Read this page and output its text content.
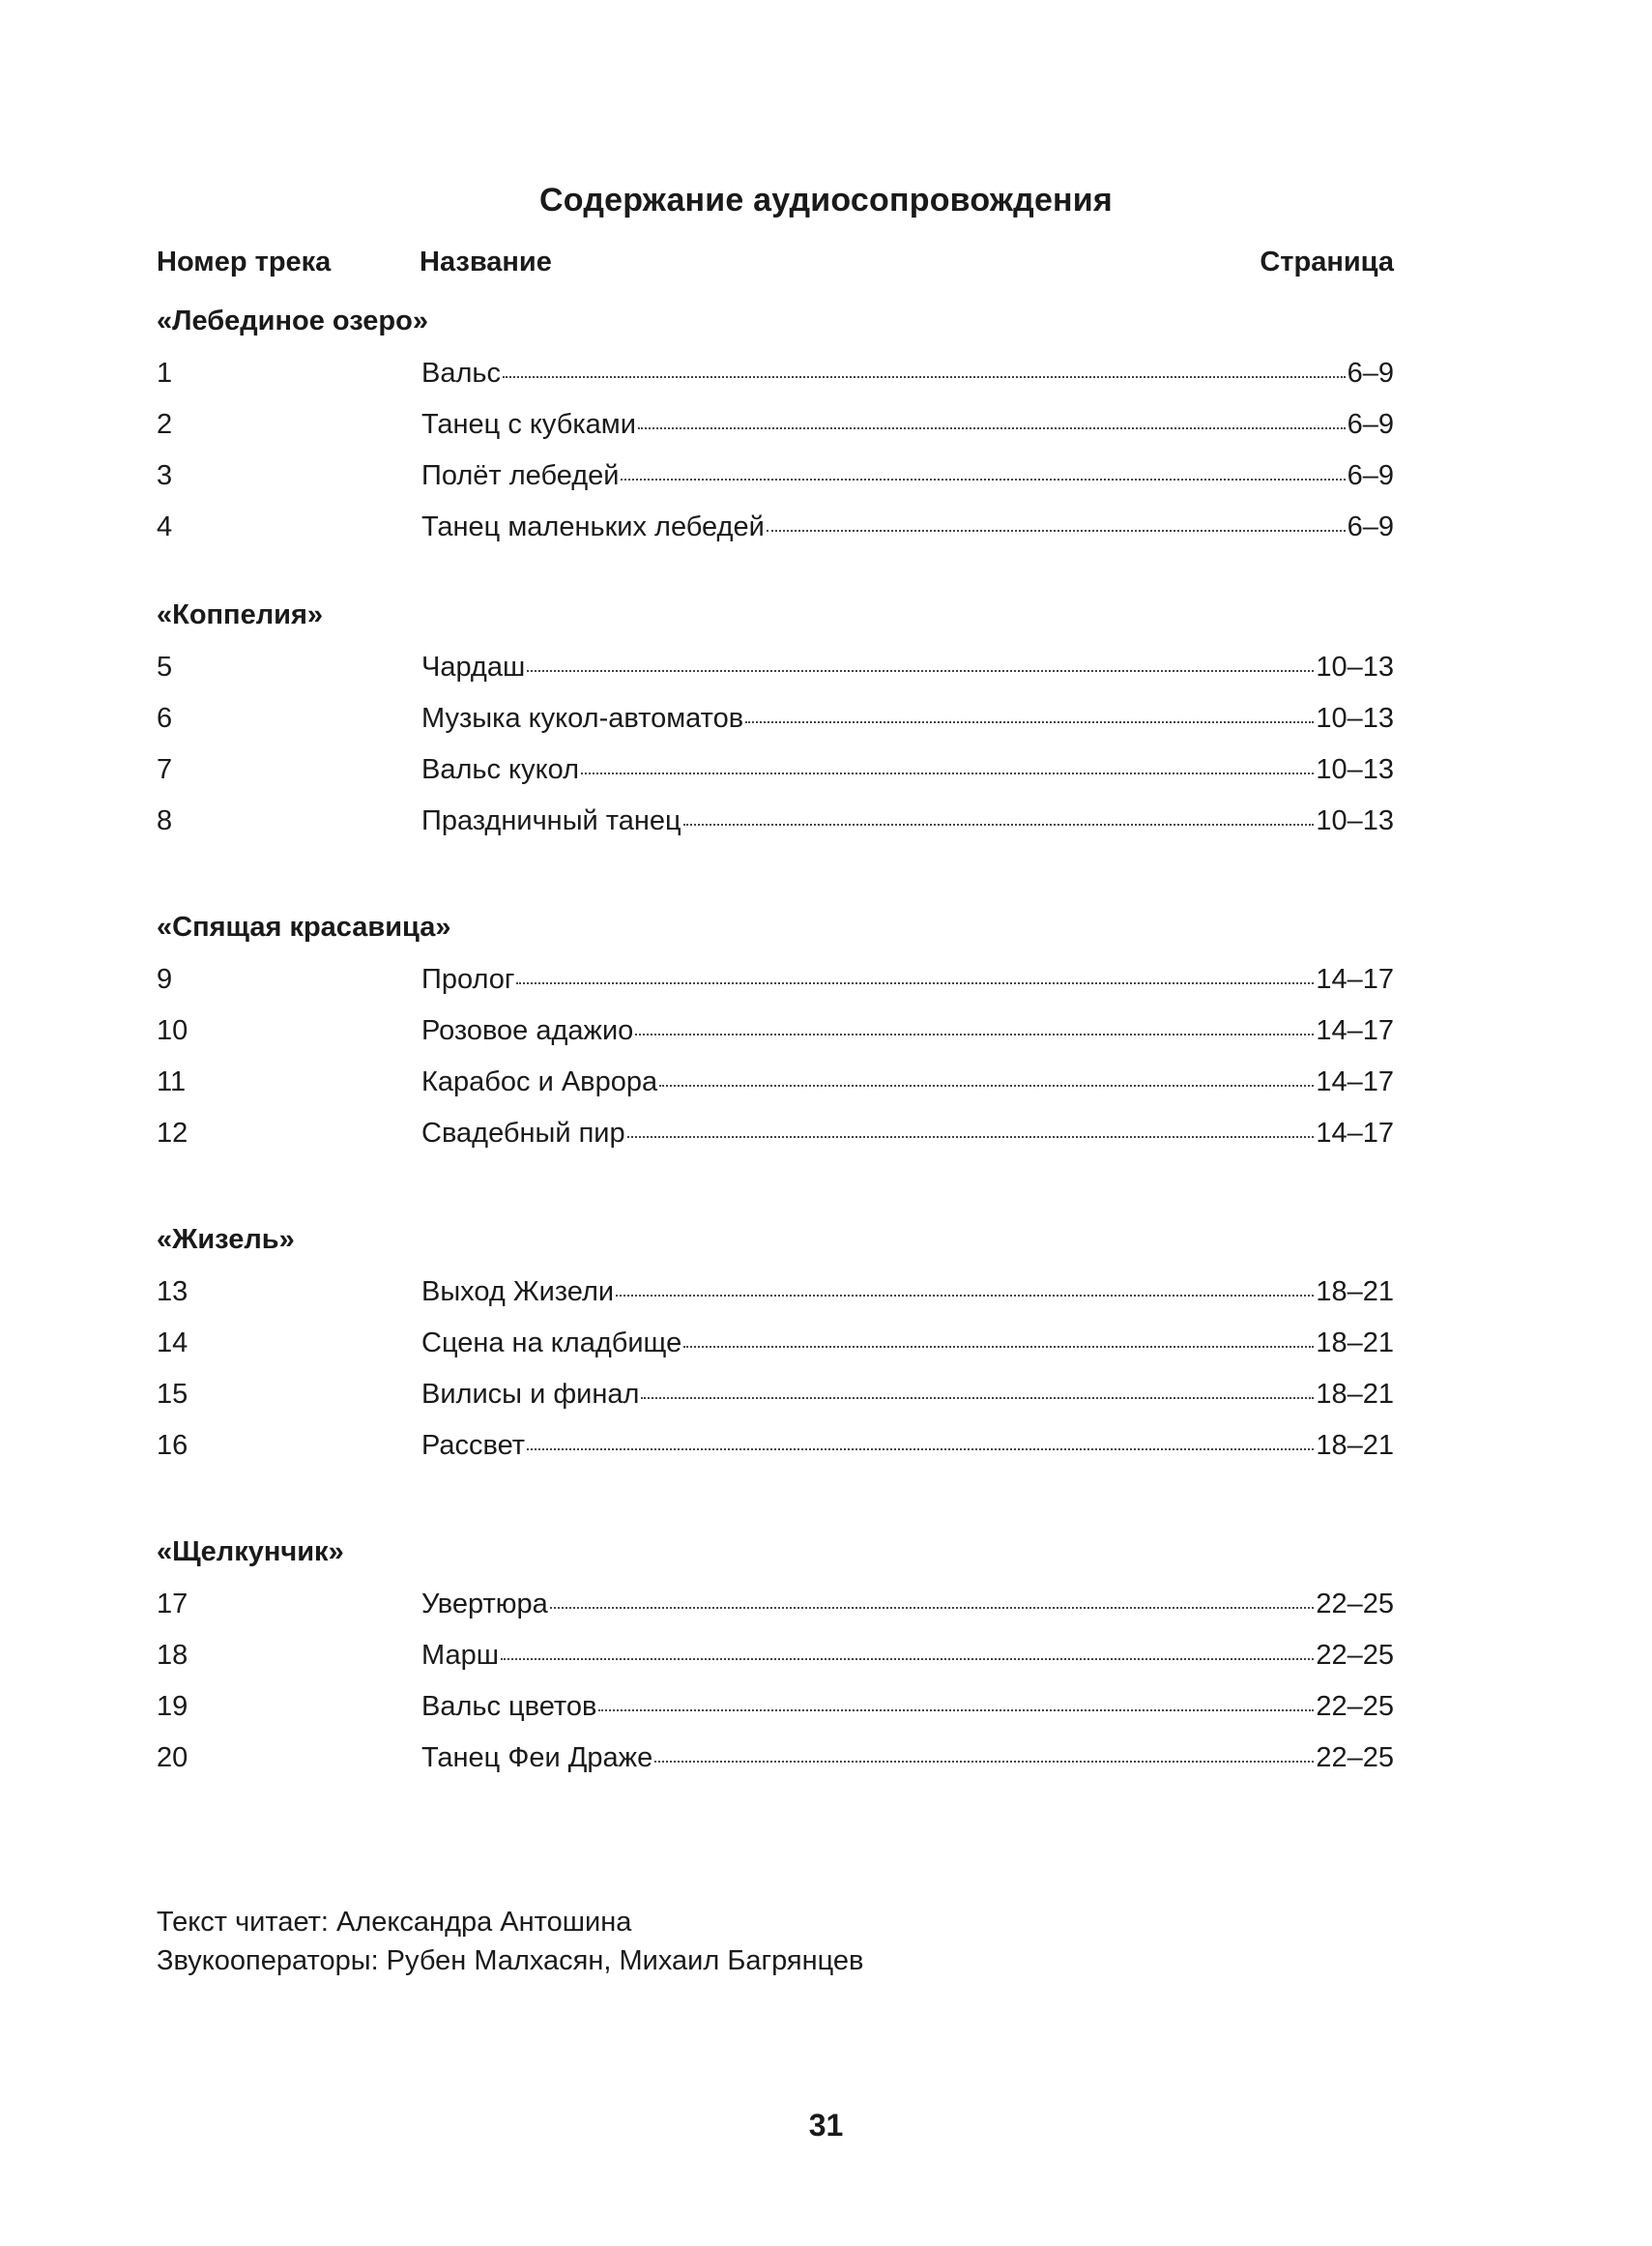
Содержание аудиосопровождения
Номер трека	Название	Страница
«Лебединое озеро»
1	Вальс	6–9
2	Танец с кубками	6–9
3	Полёт лебедей	6–9
4	Танец маленьких лебедей	6–9
«Коппелия»
5	Чардаш	10–13
6	Музыка кукол-автоматов	10–13
7	Вальс кукол	10–13
8	Праздничный танец	10–13
«Спящая красавица»
9	Пролог	14–17
10	Розовое адажио	14–17
11	Карабос и Аврора	14–17
12	Свадебный пир	14–17
«Жизель»
13	Выход Жизели	18–21
14	Сцена на кладбище	18–21
15	Вилисы и финал	18–21
16	Рассвет	18–21
«Щелкунчик»
17	Увертюра	22–25
18	Марш	22–25
19	Вальс цветов	22–25
20	Танец Феи Драже	22–25
Текст читает: Александра Антошина
Звукооператоры: Рубен Малхасян, Михаил Багрянцев
31
